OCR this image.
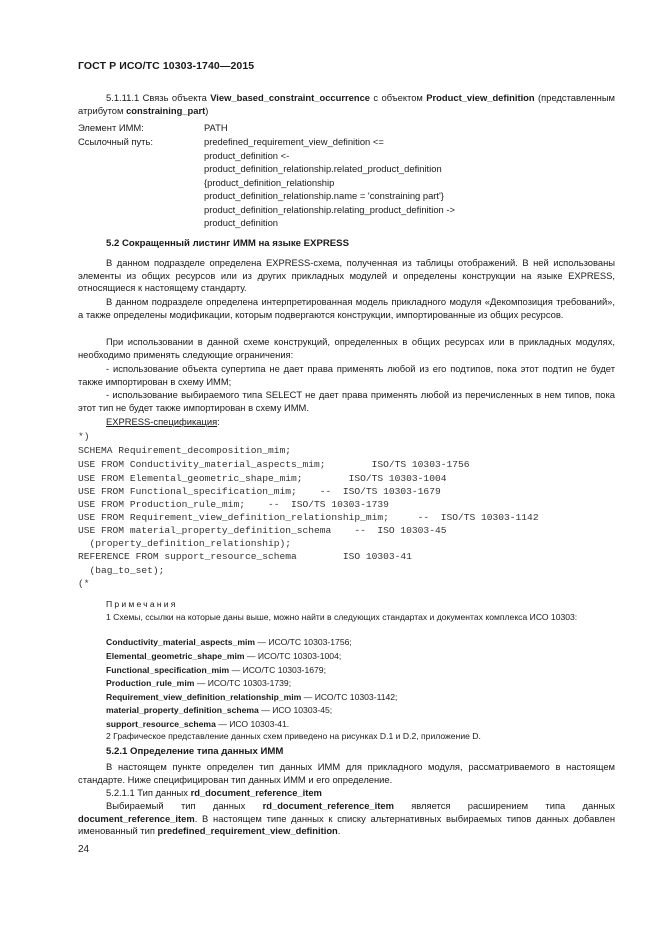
ГОСТ Р ИСО/ТС 10303-1740—2015
5.1.11.1 Связь объекта View_based_constraint_occurrence с объектом Product_view_definition (представленным атрибутом constraining_part)
Элемент ИММ:	PATH
Ссылочный путь:	predefined_requirement_view_definition <=
product_definition <-
product_definition_relationship.related_product_definition
{product_definition_relationship
product_definition_relationship.name = 'constraining part'}
product_definition_relationship.relating_product_definition ->
product_definition
5.2 Сокращенный листинг ИММ на языке EXPRESS
В данном подразделе определена EXPRESS-схема, полученная из таблицы отображений. В ней использованы элементы из общих ресурсов или из других прикладных модулей и определены конструкции на языке EXPRESS, относящиеся к настоящему стандарту.
В данном подразделе определена интерпретированная модель прикладного модуля «Декомпозиция требований», а также определены модификации, которым подвергаются конструкции, импортированные из общих ресурсов.
При использовании в данной схеме конструкций, определенных в общих ресурсах или в прикладных модулях, необходимо применять следующие ограничения:
- использование объекта супертипа не дает права применять любой из его подтипов, пока этот подтип не будет также импортирован в схему ИММ;
- использование выбираемого типа SELECT не дает права применять любой из перечисленных в нем типов, пока этот тип не будет также импортирован в схему ИММ.
EXPRESS-спецификация:
*)
SCHEMA Requirement_decomposition_mim;
USE FROM Conductivity_material_aspects_mim;        ISO/TS 10303-1756
USE FROM Elemental_geometric_shape_mim;        ISO/TS 10303-1004
USE FROM Functional_specification_mim;    --  ISO/TS 10303-1679
USE FROM Production_rule_mim;    --  ISO/TS 10303-1739
USE FROM Requirement_view_definition_relationship_mim;     --  ISO/TS 10303-1142
USE FROM material_property_definition_schema    --  ISO 10303-45
(property_definition_relationship);
REFERENCE FROM support_resource_schema        ISO 10303-41
(bag_to_set);
(*
Примечания
1 Схемы, ссылки на которые даны выше, можно найти в следующих стандартах и документах комплекса ИСО 10303:
Conductivity_material_aspects_mim — ИСО/ТС 10303-1756;
Elemental_geometric_shape_mim — ИСО/ТС 10303-1004;
Functional_specification_mim — ИСО/ТС 10303-1679;
Production_rule_mim — ИСО/ТС 10303-1739;
Requirement_view_definition_relationship_mim — ИСО/ТС 10303-1142;
material_property_definition_schema — ИСО 10303-45;
support_resource_schema — ИСО 10303-41.
2 Графическое представление данных схем приведено на рисунках D.1 и D.2, приложение D.
5.2.1 Определение типа данных ИММ
В настоящем пункте определен тип данных ИММ для прикладного модуля, рассматриваемого в настоящем стандарте. Ниже специфицирован тип данных ИММ и его определение.
5.2.1.1 Тип данных rd_document_reference_item
Выбираемый тип данных rd_document_reference_item является расширением типа данных document_reference_item. В настоящем типе данных к списку альтернативных выбираемых типов данных добавлен именованный тип predefined_requirement_view_definition.
24
